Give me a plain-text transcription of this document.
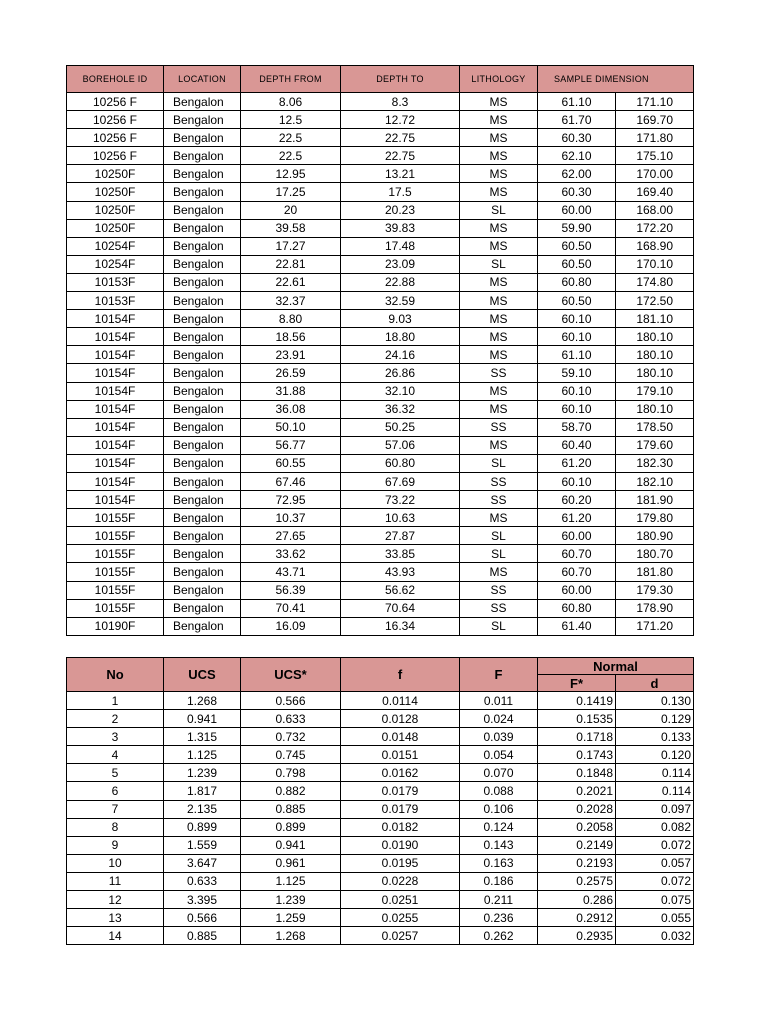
BOREHOLE ID	LOCATION	DEPTH FROM	DEPTH TO	LITHOLOGY	SAMPLE DIMENSION	
10256 F	Bengalon	8.06	8.3	MS	61.10	171.10
10256 F	Bengalon	12.5	12.72	MS	61.70	169.70
10256 F	Bengalon	22.5	22.75	MS	60.30	171.80
10256 F	Bengalon	22.5	22.75	MS	62.10	175.10
10250F	Bengalon	12.95	13.21	MS	62.00	170.00
10250F	Bengalon	17.25	17.5	MS	60.30	169.40
10250F	Bengalon	20	20.23	SL	60.00	168.00
10250F	Bengalon	39.58	39.83	MS	59.90	172.20
10254F	Bengalon	17.27	17.48	MS	60.50	168.90
10254F	Bengalon	22.81	23.09	SL	60.50	170.10
10153F	Bengalon	22.61	22.88	MS	60.80	174.80
10153F	Bengalon	32.37	32.59	MS	60.50	172.50
10154F	Bengalon	8.80	9.03	MS	60.10	181.10
10154F	Bengalon	18.56	18.80	MS	60.10	180.10
10154F	Bengalon	23.91	24.16	MS	61.10	180.10
10154F	Bengalon	26.59	26.86	SS	59.10	180.10
10154F	Bengalon	31.88	32.10	MS	60.10	179.10
10154F	Bengalon	36.08	36.32	MS	60.10	180.10
10154F	Bengalon	50.10	50.25	SS	58.70	178.50
10154F	Bengalon	56.77	57.06	MS	60.40	179.60
10154F	Bengalon	60.55	60.80	SL	61.20	182.30
10154F	Bengalon	67.46	67.69	SS	60.10	182.10
10154F	Bengalon	72.95	73.22	SS	60.20	181.90
10155F	Bengalon	10.37	10.63	MS	61.20	179.80
10155F	Bengalon	27.65	27.87	SL	60.00	180.90
10155F	Bengalon	33.62	33.85	SL	60.70	180.70
10155F	Bengalon	43.71	43.93	MS	60.70	181.80
10155F	Bengalon	56.39	56.62	SS	60.00	179.30
10155F	Bengalon	70.41	70.64	SS	60.80	178.90
10190F	Bengalon	16.09	16.34	SL	61.40	171.20
No	UCS	UCS*	f	F	Normal	
					F*	d
1	1.268	0.566	0.0114	0.011	0.1419	0.130
2	0.941	0.633	0.0128	0.024	0.1535	0.129
3	1.315	0.732	0.0148	0.039	0.1718	0.133
4	1.125	0.745	0.0151	0.054	0.1743	0.120
5	1.239	0.798	0.0162	0.070	0.1848	0.114
6	1.817	0.882	0.0179	0.088	0.2021	0.114
7	2.135	0.885	0.0179	0.106	0.2028	0.097
8	0.899	0.899	0.0182	0.124	0.2058	0.082
9	1.559	0.941	0.0190	0.143	0.2149	0.072
10	3.647	0.961	0.0195	0.163	0.2193	0.057
11	0.633	1.125	0.0228	0.186	0.2575	0.072
12	3.395	1.239	0.0251	0.211	0.286	0.075
13	0.566	1.259	0.0255	0.236	0.2912	0.055
14	0.885	1.268	0.0257	0.262	0.2935	0.032
